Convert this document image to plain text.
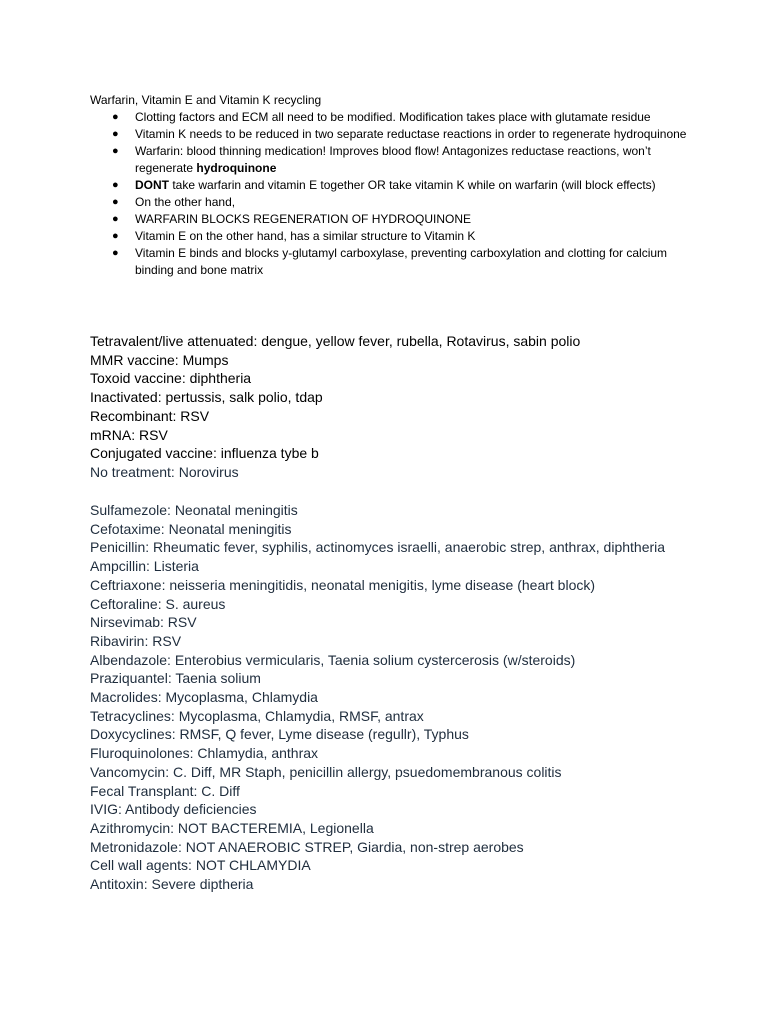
Warfarin, Vitamin E and Vitamin K recycling
● Clotting factors and ECM all need to be modified. Modification takes place with glutamate residue
● Vitamin K needs to be reduced in two separate reductase reactions in order to regenerate hydroquinone
● Warfarin: blood thinning medication! Improves blood flow! Antagonizes reductase reactions, won’t regenerate hydroquinone
● DONT take warfarin and vitamin E together OR take vitamin K while on warfarin (will block effects)
● On the other hand,
● WARFARIN BLOCKS REGENERATION OF HYDROQUINONE
● Vitamin E on the other hand, has a similar structure to Vitamin K
● Vitamin E binds and blocks y-glutamyl carboxylase, preventing carboxylation and clotting for calcium binding and bone matrix
Tetravalent/live attenuated: dengue, yellow fever, rubella, Rotavirus, sabin polio
MMR vaccine: Mumps
Toxoid vaccine: diphtheria
Inactivated: pertussis, salk polio, tdap
Recombinant: RSV
mRNA: RSV
Conjugated vaccine: influenza tybe b
No treatment: Norovirus
Sulfamezole: Neonatal meningitis
Cefotaxime: Neonatal meningitis
Penicillin: Rheumatic fever, syphilis, actinomyces israelli, anaerobic strep, anthrax, diphtheria
Ampcillin: Listeria
Ceftriaxone: neisseria meningitidis, neonatal menigitis, lyme disease (heart block)
Ceftoraline: S. aureus
Nirsevimab: RSV
Ribavirin: RSV
Albendazole: Enterobius vermicularis, Taenia solium cystercerosis (w/steroids)
Praziquantel: Taenia solium
Macrolides: Mycoplasma, Chlamydia
Tetracyclines: Mycoplasma, Chlamydia, RMSF, antrax
Doxycyclines: RMSF, Q fever, Lyme disease (regullr), Typhus
Fluroquinolones: Chlamydia, anthrax
Vancomycin: C. Diff, MR Staph, penicillin allergy, psuedomembranous colitis
Fecal Transplant: C. Diff
IVIG: Antibody deficiencies
Azithromycin: NOT BACTEREMIA, Legionella
Metronidazole: NOT ANAEROBIC STREP, Giardia, non-strep aerobes
Cell wall agents: NOT CHLAMYDIA
Antitoxin: Severe diptheria
